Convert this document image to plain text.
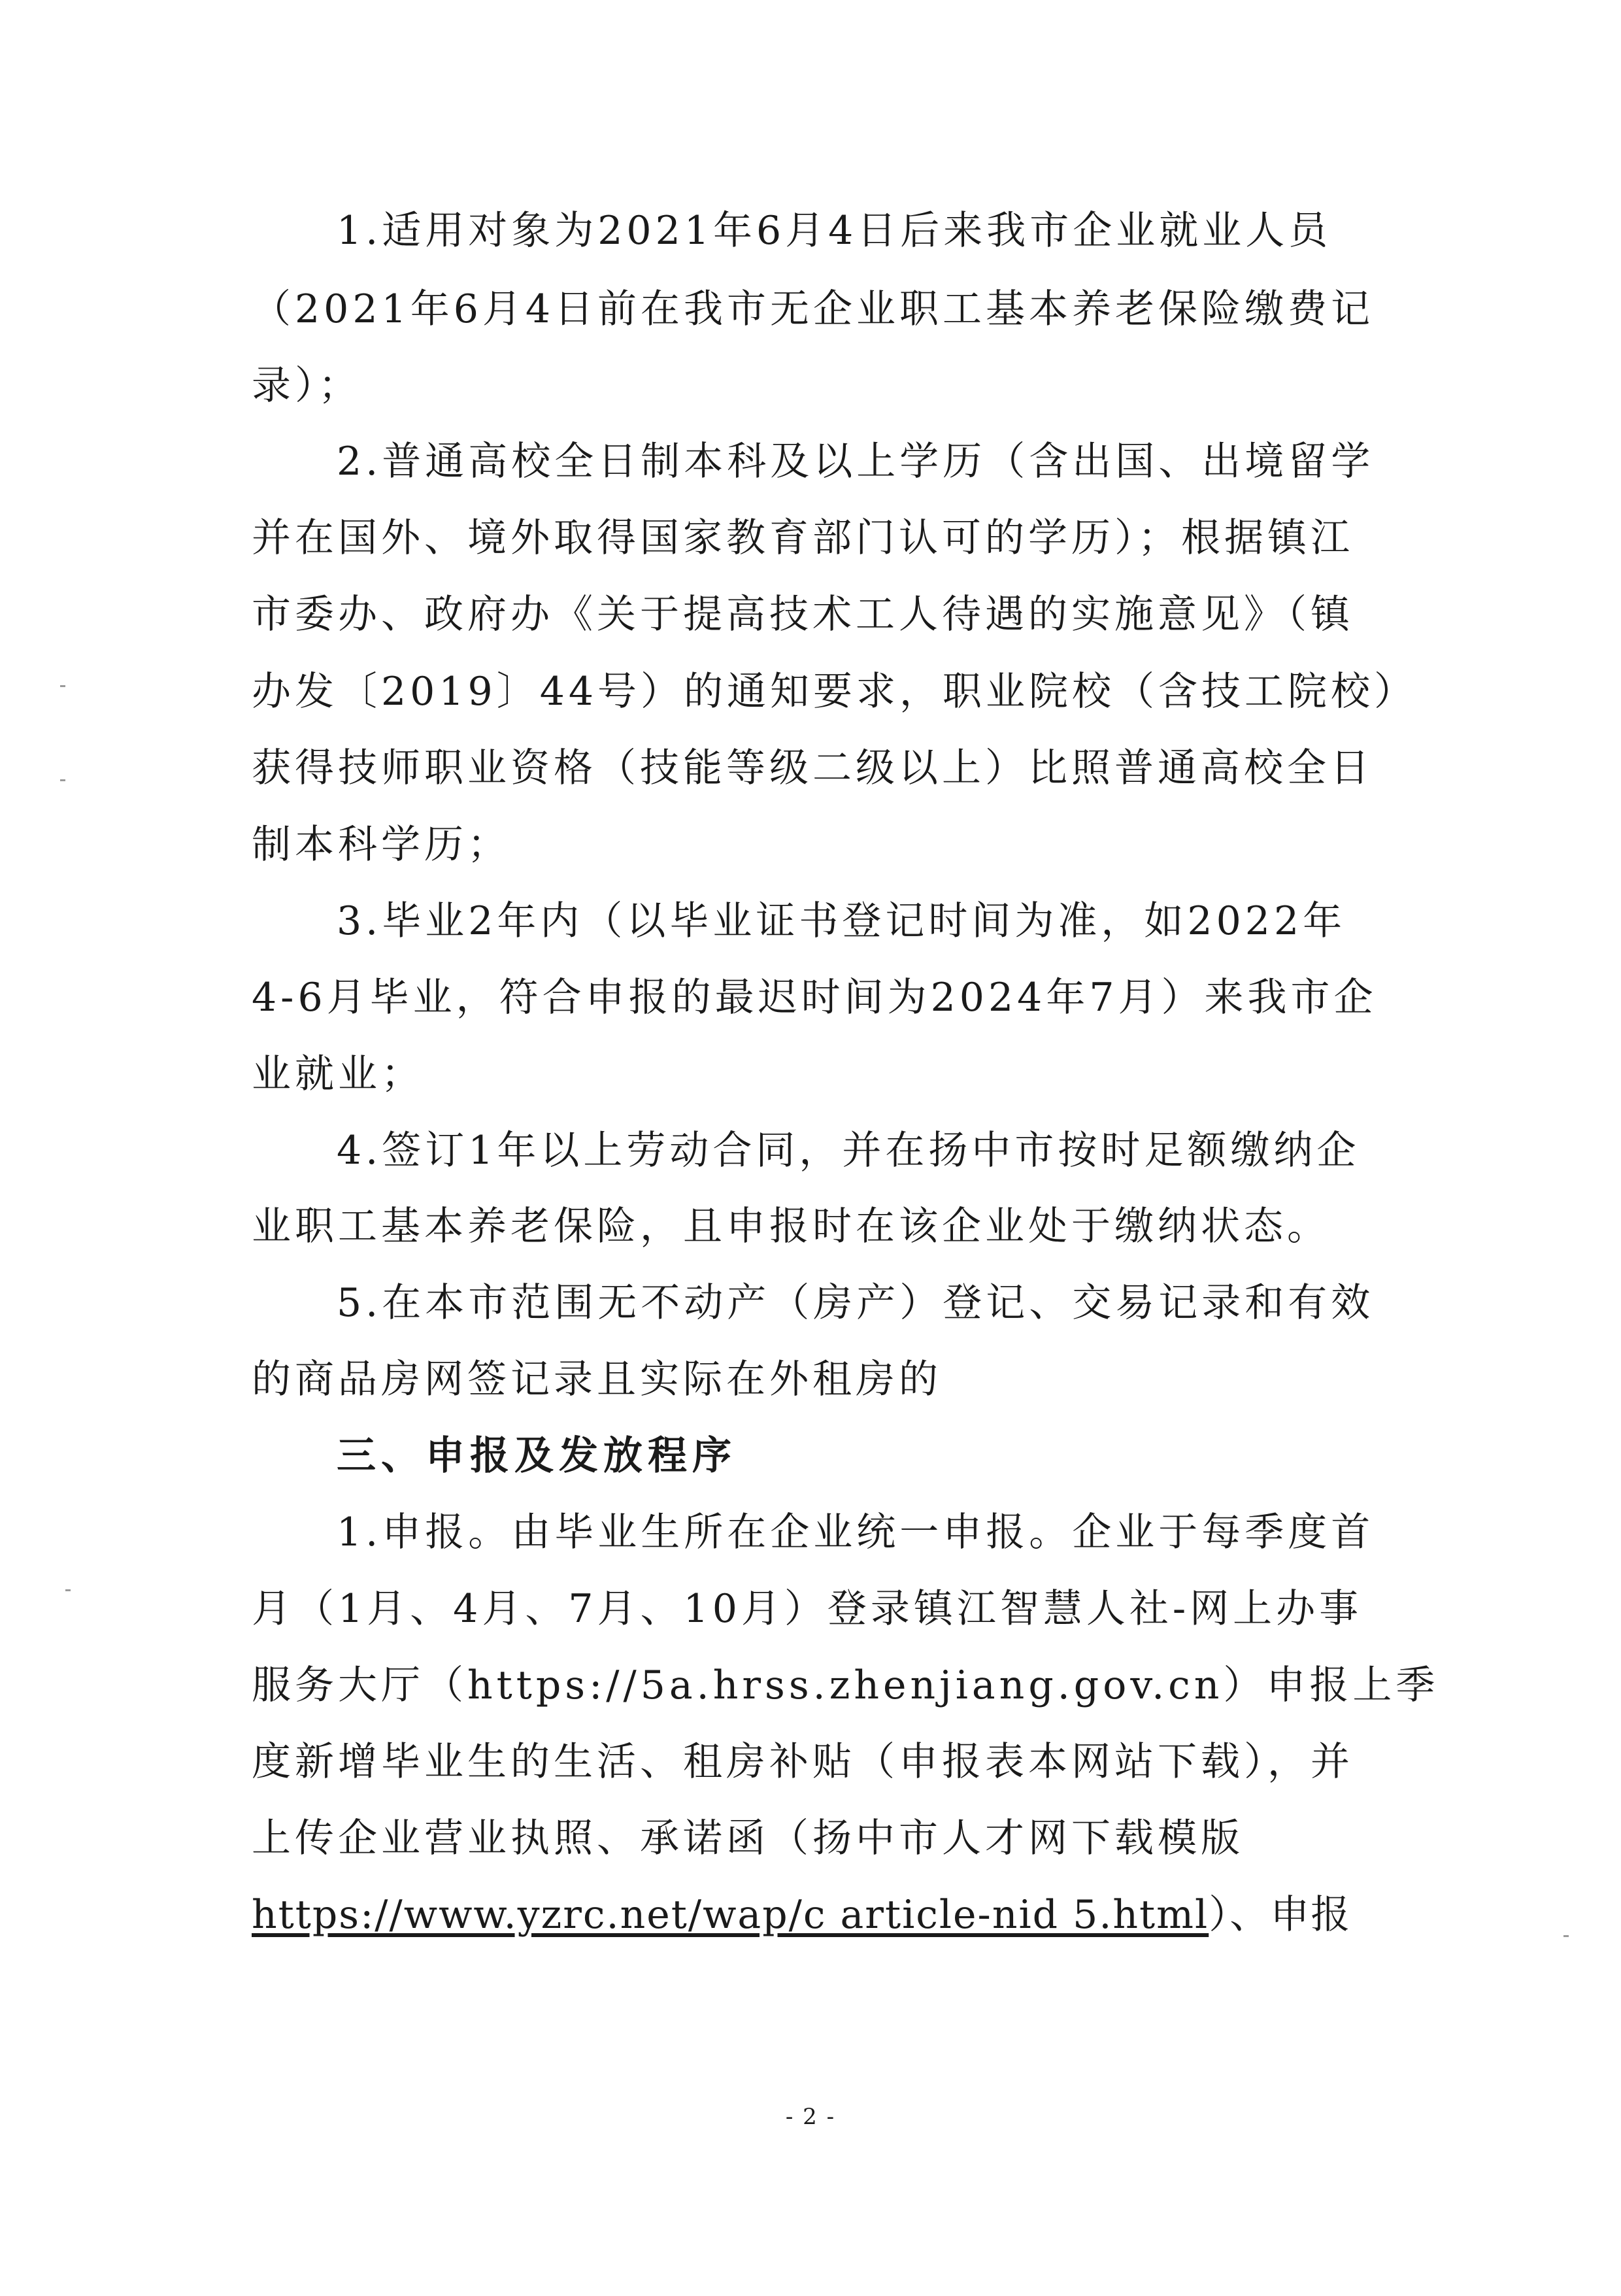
1.适用对象为2021年6月4日后来我市企业就业人员
（2021年6月4日前在我市无企业职工基本养老保险缴费记
录）；
2.普通高校全日制本科及以上学历（含出国、出境留学
并在国外、境外取得国家教育部门认可的学历）；根据镇江
市委办、政府办《关于提高技术工人待遇的实施意见》（镇
办发〔2019〕44号）的通知要求，职业院校（含技工院校）
获得技师职业资格（技能等级二级以上）比照普通高校全日
制本科学历；
3.毕业2年内（以毕业证书登记时间为准，如2022年
4-6月毕业，符合申报的最迟时间为2024年7月）来我市企
业就业；
4.签订1年以上劳动合同，并在扬中市按时足额缴纳企
业职工基本养老保险，且申报时在该企业处于缴纳状态。
5.在本市范围无不动产（房产）登记、交易记录和有效
的商品房网签记录且实际在外租房的
三、申报及发放程序
1.申报。由毕业生所在企业统一申报。企业于每季度首
月（1月、4月、7月、10月）登录镇江智慧人社-网上办事
服务大厅（https://5a.hrss.zhenjiang.gov.cn）申报上季
度新增毕业生的生活、租房补贴（申报表本网站下载），并
上传企业营业执照、承诺函（扬中市人才网下载模版
https://www.yzrc.net/wap/c article-nid 5.html）、申报
- 2 -
